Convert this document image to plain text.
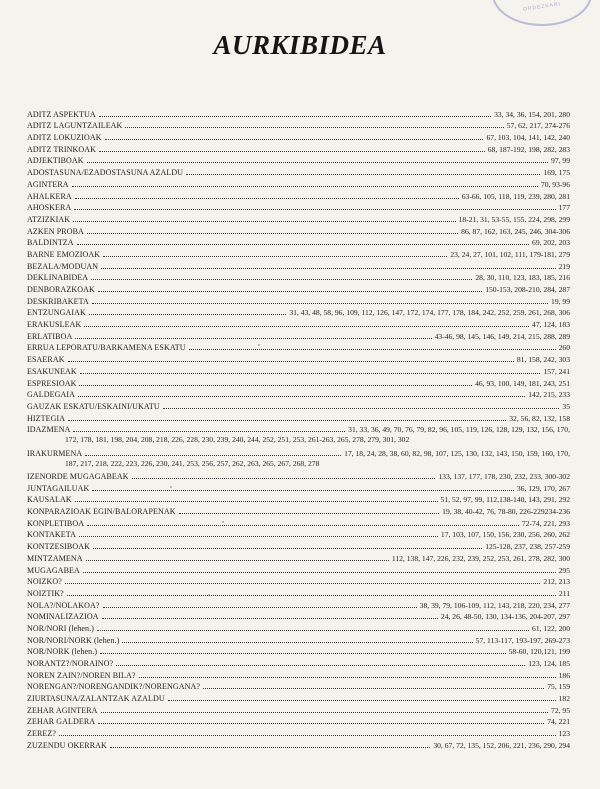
ORDEZKARI
AURKIBIDEA
ADITZ ASPEKTUA	33, 34, 36, 154, 201, 280
ADITZ LAGUNTZAILEAK	57, 62, 217, 274-276
ADITZ LOKUZIOAK	67, 103, 104, 141, 142, 240
ADITZ TRINKOAK	68, 187-192, 198, 282, 283
ADJEKTIBOAK	97, 99
ADOSTASUNA/EZADOSTASUNA AZALDU	169, 175
AGINTERA	70, 93-96
AHALKERA	63-66, 105, 118, 119, 239, 280, 281
AHOSKERA	177
ATZIZKIAK	18-21, 31, 53-55, 155, 224, 298, 299
AZKEN PROBA	86, 87, 162, 163, 245, 246, 304-306
BALDINTZA	69, 202, 203
BARNE EMOZIOAK	23, 24, 27, 101, 102, 111, 179-181, 279
BEZALA/MODUAN	219
DEKLINABIDEA	28, 30, 110, 123, 183, 185, 216
DENBORAZKOAK	150-153, 208-210, 284, 287
DESKRIBAKETA	19, 99
ENTZUNGAIAK	31, 43, 48, 58, 96, 109, 112, 126, 147, 172, 174, 177, 178, 184, 242, 252, 259, 261, 268, 306
ERAKUSLEAK	47, 124, 183
ERLATIBOA	43-46, 98, 145, 146, 149, 214, 215, 288, 289
ERRUA LEPORATU/BARKAMENA ESKATU	260
ESAERAK	81, 158, 242, 303
ESAKUNEAK	157, 241
ESPRESIOAK	46, 93, 100, 149, 181, 243, 251
GALDEGAIA	142, 215, 233
GAUZAK ESKATU/ESKAINI/UKATU	35
HIZTEGIA	32, 56, 82, 132, 158
IDAZMENA	31, 33, 36, 49, 70, 76, 79, 82, 96, 105, 119, 126, 128, 129, 132, 156, 170,
172, 178, 181, 198, 204, 208, 218, 226, 228, 230, 239, 240, 244, 252, 251, 253, 261-263, 265, 278, 279, 301, 302
IRAKURMENA	17, 18, 24, 28, 38, 60, 82, 98, 107, 125, 130, 132, 143, 150, 159, 160, 170,
187, 217, 218, 222, 223, 226, 230, 241, 253, 256, 257, 262, 263, 265, 267, 268, 278
IZENORDE MUGAGABEAK	133, 137, 177, 178, 230, 232, 233, 300-302
JUNTAGAILUAK	36, 129, 170, 267
KAUSALAK	51, 52, 97, 99, 112,138-140, 143, 291, 292
KONPARAZIOAK EGIN/BALORAPENAK	19, 38, 40-42, 76, 78-80, 226-229234-236
KONPLETIBOA	72-74, 221, 293
KONTAKETA	17, 103, 107, 150, 156, 230, 256, 260, 262
KONTZESIBOAK	125-128, 237, 238, 257-259
MINTZAMENA	112, 138, 147, 226, 232, 239, 252, 253, 261, 278, 282, 300
MUGAGABEA	295
NOIZKO?	212, 213
NOIZTIK?	211
NOLA?/NOLAKOA?	38, 39, 79, 106-109, 112, 143, 218, 220, 234, 277
NOMINALIZAZIOA	24, 26, 48-50, 130, 134-136, 204-207, 297
NOR/NORI (lehen.)	61, 122, 200
NOR/NORI/NORK (lehen.)	57, 113-117, 193-197, 269-273
NOR/NORK (lehen.)	58-60, 120,121, 199
NORANTZ?/NORAINO?	123, 124, 185
NOREN ZAIN?/NOREN BILA?	186
NORENGAN?/NORENGANDIK?/NORENGANA?	75, 159
ZIURTASUNA/ZALANTZAK AZALDU	182
ZEHAR AGINTERA	72, 95
ZEHAR GALDERA	74, 221
ZEREZ?	123
ZUZENDU OKERRAK	30, 67, 72, 135, 152, 206, 221, 236, 290, 294
